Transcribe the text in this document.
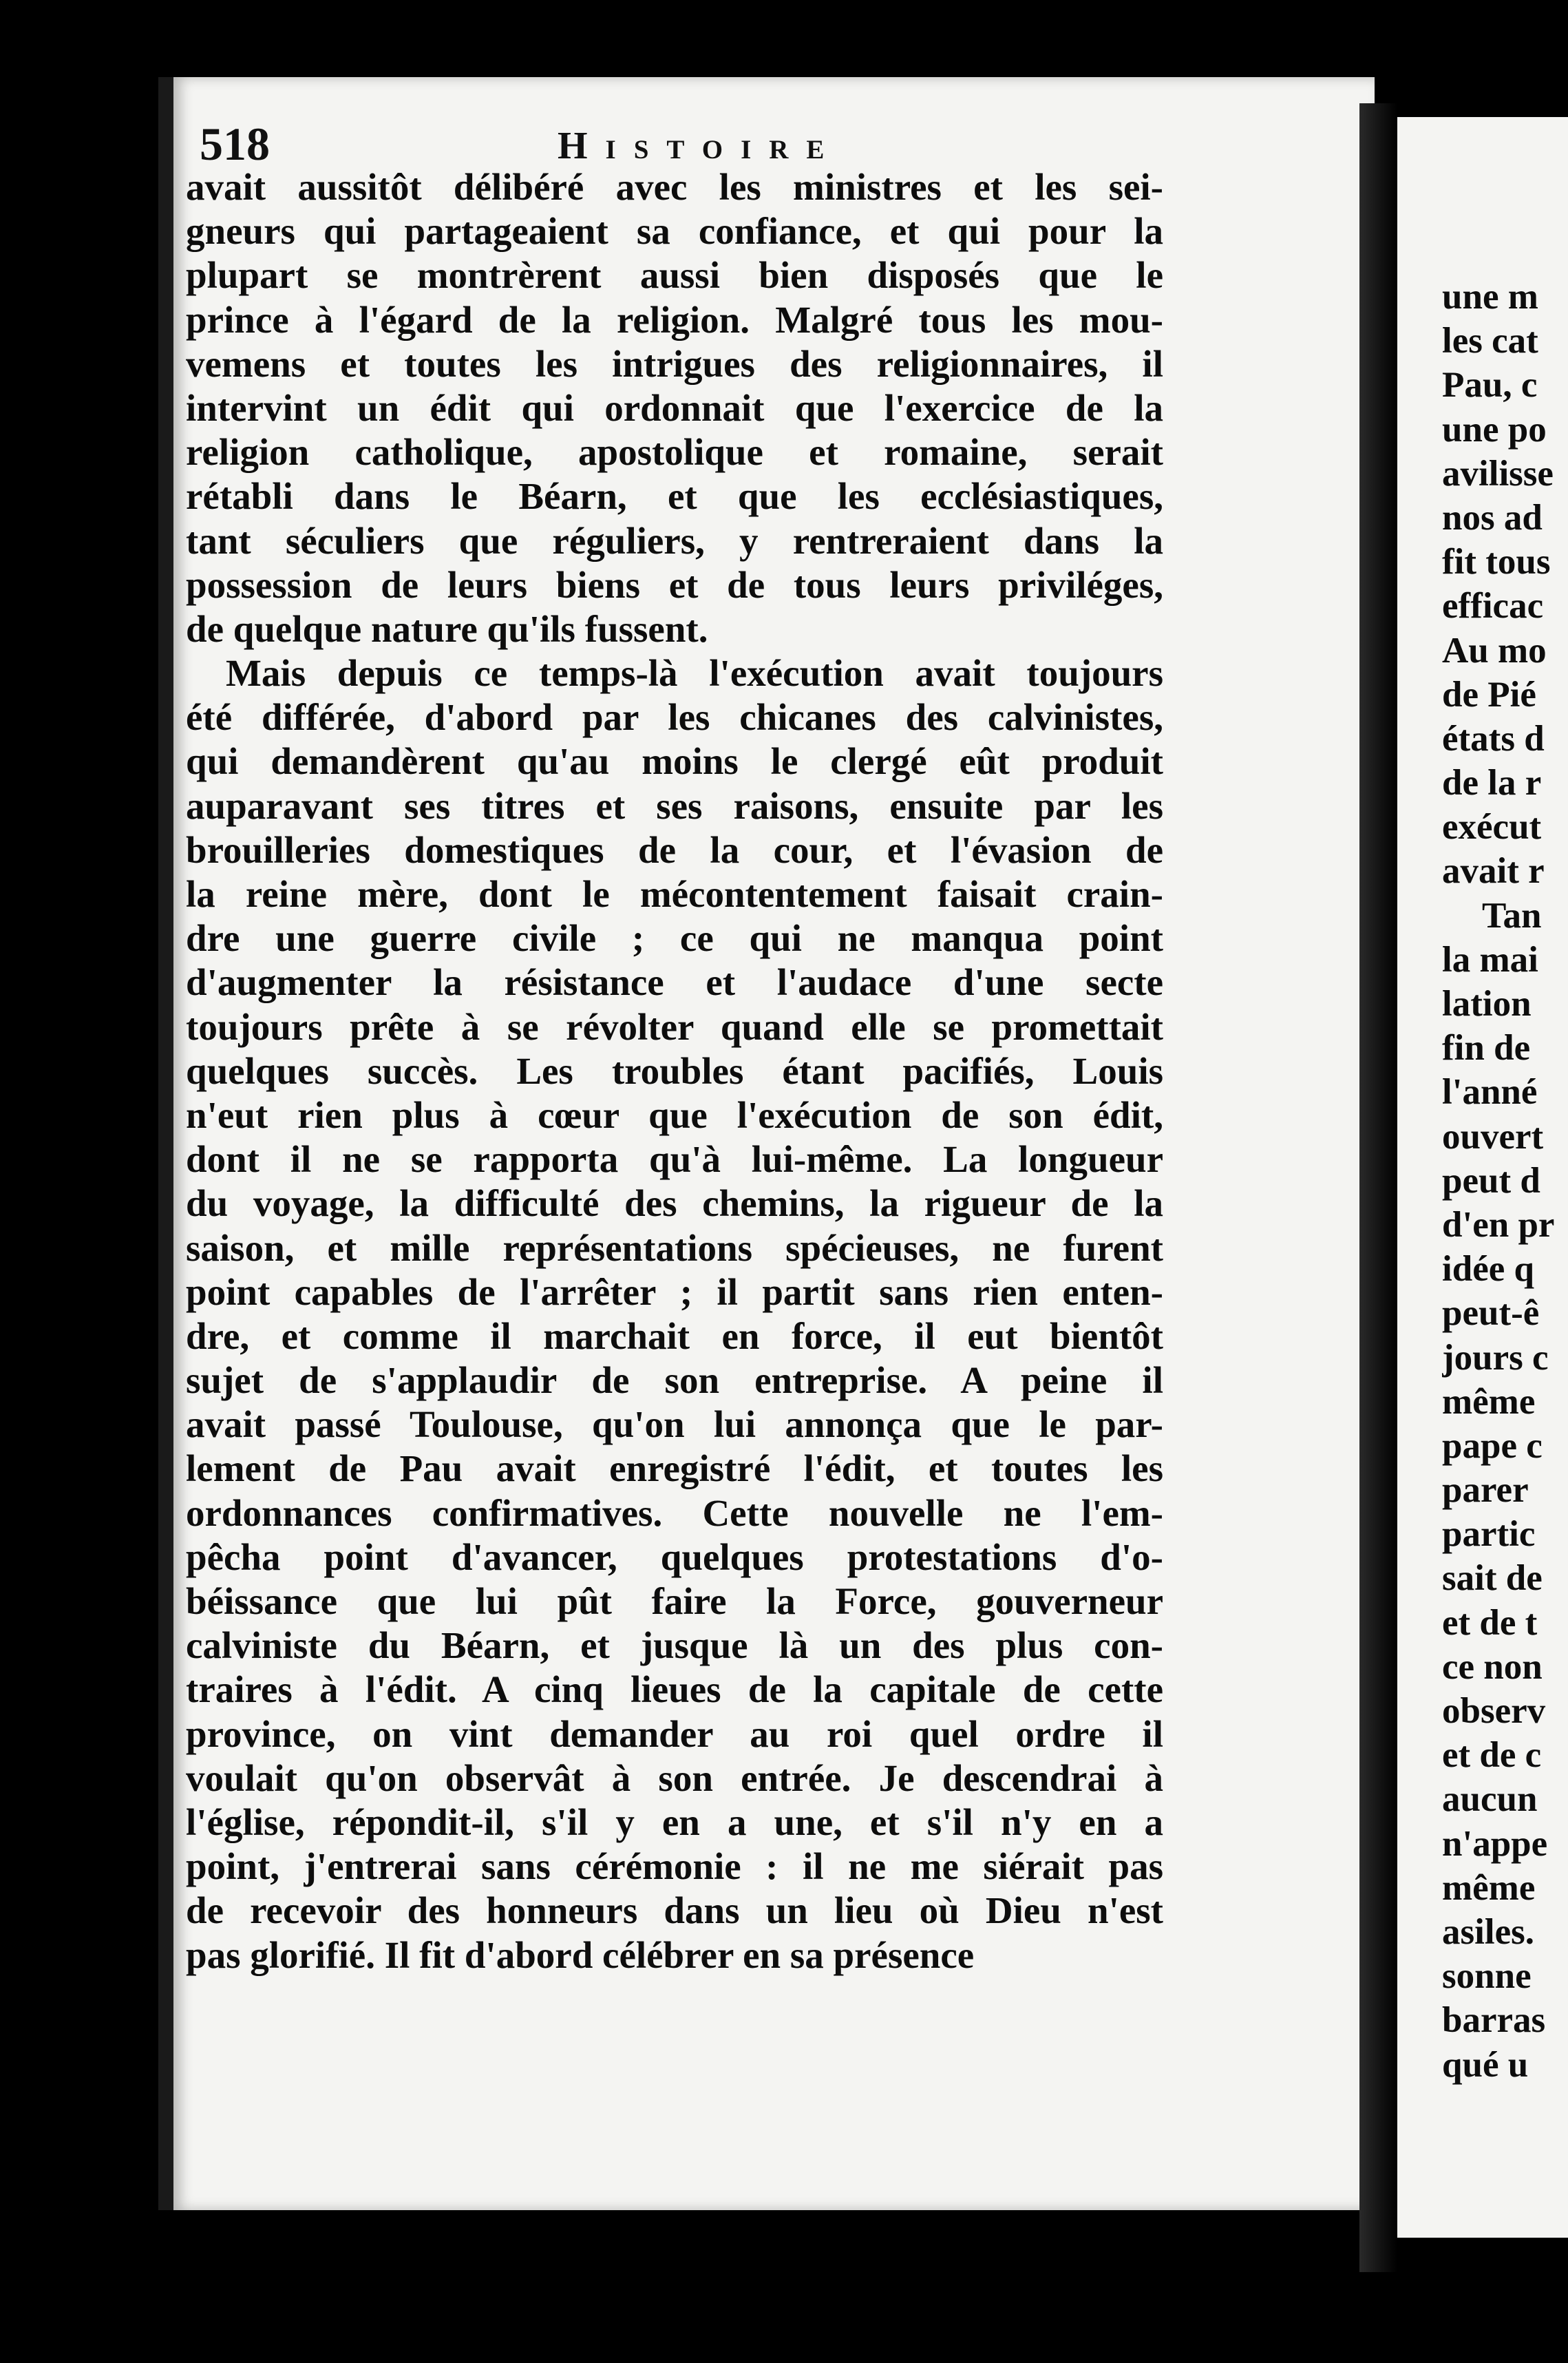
une m
les cat
Pau, c
une po
avilisse
nos ad
fit tous
efficac
Au mo
de Pié
états d
de la r
exécut
avait r
Tan
la mai
lation
fin de
l'anné
ouvert
peut d
d'en pr
idée q
peut-ê
jours c
même
pape c
parer
partic
sait de
et de t
ce non
observ
et de c
aucun
n'appe
même
asiles.
sonne
barras
qué u
518	Histoire
avait aussitôt délibéré avec les ministres et les sei-
gneurs qui partageaient sa confiance, et qui pour la
plupart se montrèrent aussi bien disposés que le
prince à l'égard de la religion. Malgré tous les mou-
vemens et toutes les intrigues des religionnaires, il
intervint un édit qui ordonnait que l'exercice de la
religion catholique, apostolique et romaine, serait
rétabli dans le Béarn, et que les ecclésiastiques,
tant séculiers que réguliers, y rentreraient dans la
possession de leurs biens et de tous leurs priviléges,
de quelque nature qu'ils fussent.
Mais depuis ce temps-là l'exécution avait toujours
été différée, d'abord par les chicanes des calvinistes,
qui demandèrent qu'au moins le clergé eût produit
auparavant ses titres et ses raisons, ensuite par les
brouilleries domestiques de la cour, et l'évasion de
la reine mère, dont le mécontentement faisait crain-
dre une guerre civile ; ce qui ne manqua point
d'augmenter la résistance et l'audace d'une secte
toujours prête à se révolter quand elle se promettait
quelques succès. Les troubles étant pacifiés, Louis
n'eut rien plus à cœur que l'exécution de son édit,
dont il ne se rapporta qu'à lui-même. La longueur
du voyage, la difficulté des chemins, la rigueur de la
saison, et mille représentations spécieuses, ne furent
point capables de l'arrêter ; il partit sans rien enten-
dre, et comme il marchait en force, il eut bientôt
sujet de s'applaudir de son entreprise. A peine il
avait passé Toulouse, qu'on lui annonça que le par-
lement de Pau avait enregistré l'édit, et toutes les
ordonnances confirmatives. Cette nouvelle ne l'em-
pêcha point d'avancer, quelques protestations d'o-
béissance que lui pût faire la Force, gouverneur
calviniste du Béarn, et jusque là un des plus con-
traires à l'édit. A cinq lieues de la capitale de cette
province, on vint demander au roi quel ordre il
voulait qu'on observât à son entrée. Je descendrai à
l'église, répondit-il, s'il y en a une, et s'il n'y en a
point, j'entrerai sans cérémonie : il ne me siérait pas
de recevoir des honneurs dans un lieu où Dieu n'est
pas glorifié. Il fit d'abord célébrer en sa présence
